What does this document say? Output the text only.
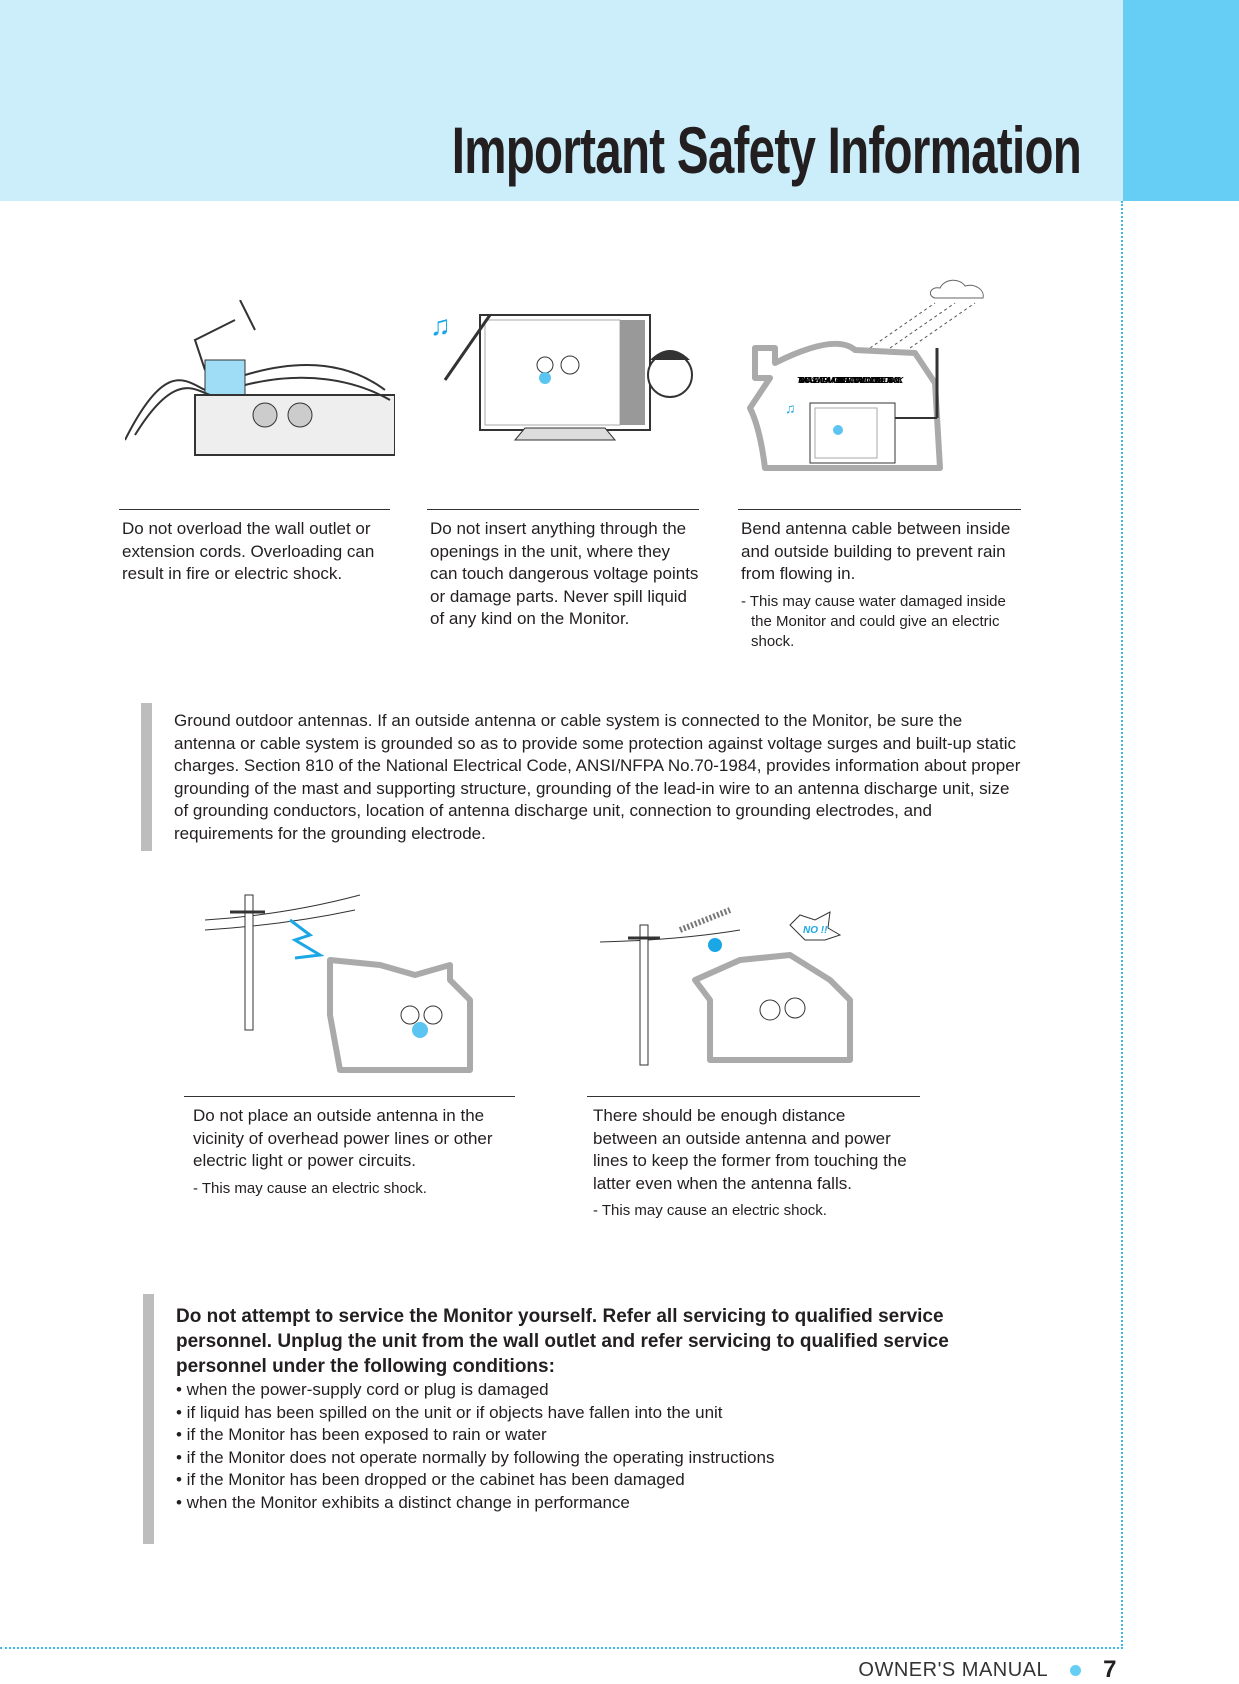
Important Safety Information
♫
THIS MAY CAUSE WATER DAMAGED INSIDE THE MONITOR AND COULD GIVE AN ELECTRIC SHOCK.
♫

Do not overload the wall outlet or extension cords. Overloading can result in fire or electric shock.

Do not insert anything through the openings in the unit, where they can touch dangerous voltage points or damage parts. Never spill liquid of any kind on the Monitor.

Bend antenna cable between inside and outside building to prevent rain from flowing in.

- This may cause water damaged inside the Monitor and could give an electric shock.

Ground outdoor antennas. If an outside antenna or cable system is connected to the Monitor, be sure the antenna or cable system is grounded so as to provide some protection against voltage surges and built-up static charges. Section 810 of the National Electrical Code, ANSI/NFPA No.70-1984, provides information about proper grounding of the mast and supporting structure, grounding of the lead-in wire to an antenna discharge unit, size of grounding conductors, location of antenna discharge unit, connection to grounding electrodes, and requirements for the grounding electrode.

NO !!

Do not place an outside antenna in the vicinity of overhead power lines or other electric light or power circuits.

- This may cause an electric shock.

There should be enough distance between an outside antenna and power lines to keep the former from touching the latter even when the antenna falls.

- This may cause an electric shock.

Do not attempt to service the Monitor yourself. Refer all servicing to qualified service personnel. Unplug the unit from the wall outlet and refer servicing to qualified service personnel under the following conditions:
• when the power-supply cord or plug is damaged
• if liquid has been spilled on the unit or if objects have fallen into the unit
• if the Monitor has been exposed to rain or water
• if the Monitor does not operate normally by following the operating instructions
• if the Monitor has been dropped or the cabinet has been damaged
• when the Monitor exhibits a distinct change in performance
OWNER'S MANUAL 7
